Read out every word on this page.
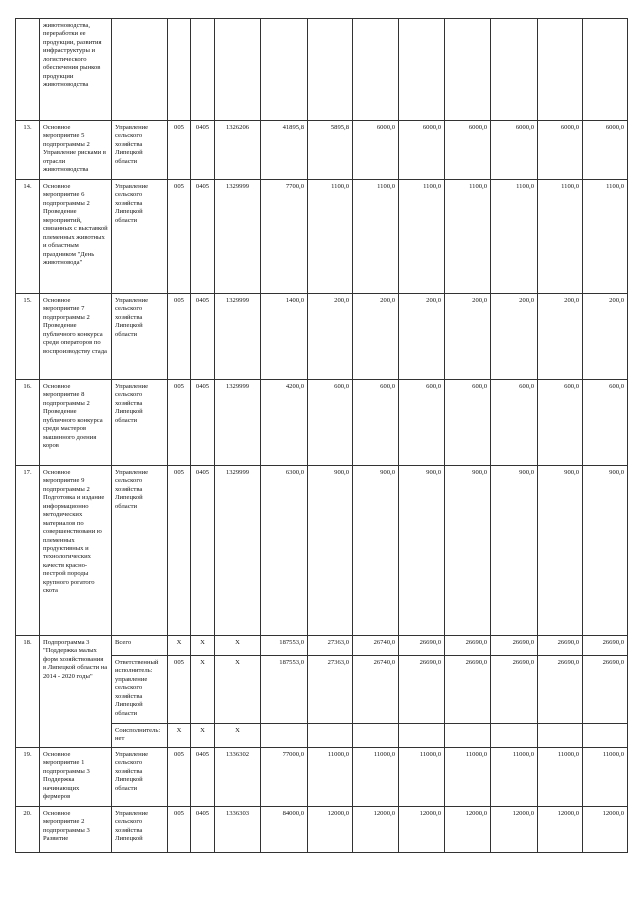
	животноводства, переработки ее продукции, развития инфраструктуры и логистического обеспечения рынков продукции животноводства												
13.	Основное мероприятие 5 подпрограммы 2 Управление рисками в отрасли животноводства	Управление сельского хозяйства Липецкой области	005	0405	1326206	41895,8	5895,8	6000,0	6000,0	6000,0	6000,0	6000,0	6000,0
14.	Основное мероприятие 6 подпрограммы 2 Проведение мероприятий, связанных с выставкой племенных животных и областным праздником "День животновода"	Управление сельского хозяйства Липецкой области	005	0405	1329999	7700,0	1100,0	1100,0	1100,0	1100,0	1100,0	1100,0	1100,0
15.	Основное мероприятие 7 подпрограммы 2 Проведение публичного конкурса среди операторов по воспроизводству стада	Управление сельского хозяйства Липецкой области	005	0405	1329999	1400,0	200,0	200,0	200,0	200,0	200,0	200,0	200,0
16.	Основное мероприятие 8 подпрограммы 2 Проведение публичного конкурса среди мастеров машинного доения коров	Управление сельского хозяйства Липецкой области	005	0405	1329999	4200,0	600,0	600,0	600,0	600,0	600,0	600,0	600,0
17.	Основное мероприятие 9 подпрограммы 2 Подготовка и издание информационно методических материалов по совершенствовани ю племенных продуктивных и технологических качеств красно-пестрой породы крупного рогатого скота	Управление сельского хозяйства Липецкой области	005	0405	1329999	6300,0	900,0	900,0	900,0	900,0	900,0	900,0	900,0
18.	Подпрограмма 3 "Поддержка малых форм хозяйствования в Липецкой области на 2014 - 2020 годы"	Всего	Х	Х	Х	187553,0	27363,0	26740,0	26690,0	26690,0	26690,0	26690,0	26690,0
		Ответственный исполнитель: управление сельского хозяйства Липецкой области	005	Х	Х	187553,0	27363,0	26740,0	26690,0	26690,0	26690,0	26690,0	26690,0
		Соисполнитель: нет	Х	Х	Х								
19.	Основное мероприятие 1 подпрограммы 3 Поддержка начинающих фермеров	Управление сельского хозяйства Липецкой области	005	0405	1336302	77000,0	11000,0	11000,0	11000,0	11000,0	11000,0	11000,0	11000,0
20.	Основное мероприятие 2 подпрограммы 3 Развитие	Управление сельского хозяйства Липецкой	005	0405	1336303	84000,0	12000,0	12000,0	12000,0	12000,0	12000,0	12000,0	12000,0
